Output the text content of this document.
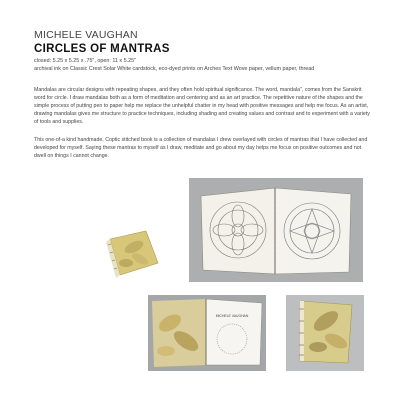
MICHELE VAUGHAN
CIRCLES OF MANTRAS
closed: 5.25 x 5.25 x .75", open: 11 x 5.25"
archival ink on Classic Crest Solar White cardstock, eco-dyed prints on Arches Text Wove paper, vellum paper, thread

Mandalas are circular designs with repeating shapes, and they often hold spiritual significance. The word, mandala", comes from the Sanskrit word for circle. I draw mandalas both as a form of meditation and centering and as an art practice. The repetitive nature of the shapes and the simple process of putting pen to paper help me replace the unhelpful chatter in my head with positive messages and help me focus. As an artist, drawing mandalas gives me structure to practice techniques, including shading and creating values and contrast and to experiment with a variety of tools and supplies.

This one-of-a kind handmade, Coptic stitched book is a collection of mandalas I drew overlayed with circles of mantras that I have collected and developed for myself. Saying these mantras to myself as I draw, meditate and go about my day helps me focus on positive outcomes and not dwell on things I cannot change.

MICHELE VAUGHAN
